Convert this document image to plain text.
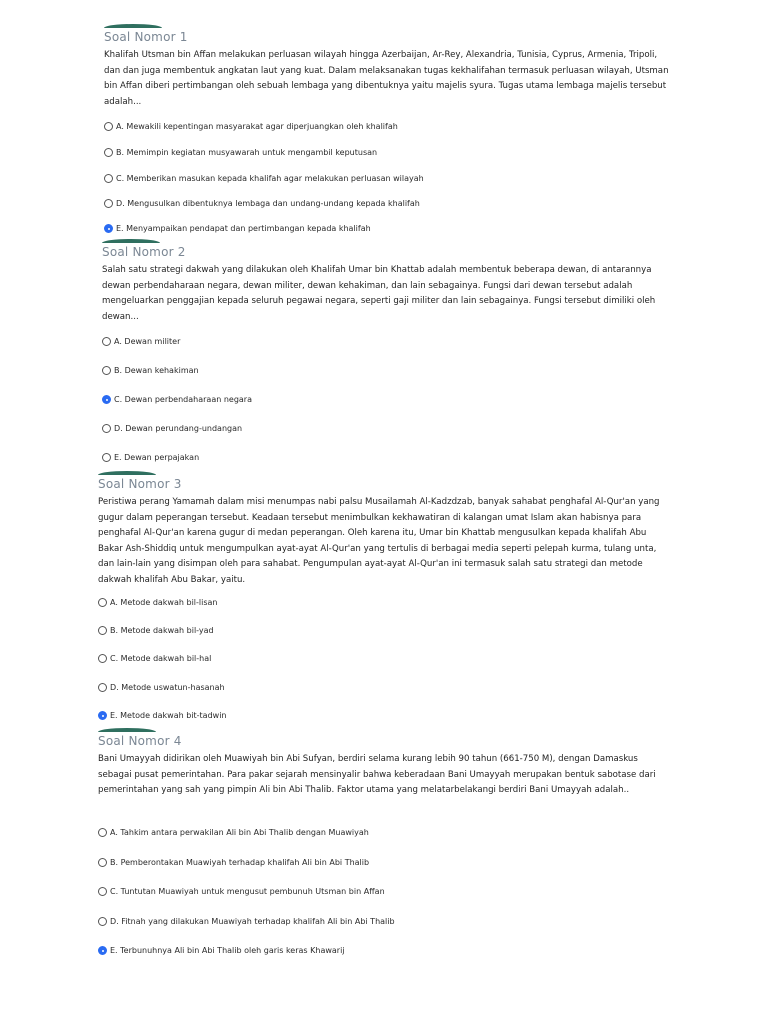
Soal Nomor 1
Khalifah Utsman bin Affan melakukan perluasan wilayah hingga Azerbaijan, Ar-Rey, Alexandria, Tunisia, Cyprus, Armenia, Tripoli, dan dan juga membentuk angkatan laut yang kuat. Dalam melaksanakan tugas kekhalifahan termasuk perluasan wilayah, Utsman bin Affan diberi pertimbangan oleh sebuah lembaga yang dibentuknya yaitu majelis syura. Tugas utama lembaga majelis tersebut adalah...
A. Mewakili kepentingan masyarakat agar diperjuangkan oleh khalifah
B. Memimpin kegiatan musyawarah untuk mengambil keputusan
C. Memberikan masukan kepada khalifah agar melakukan perluasan wilayah
D. Mengusulkan dibentuknya lembaga dan undang-undang kepada khalifah
E. Menyampaikan pendapat dan pertimbangan kepada khalifah
Soal Nomor 2
Salah satu strategi dakwah yang dilakukan oleh Khalifah Umar bin Khattab adalah membentuk beberapa dewan, di antarannya dewan perbendaharaan negara, dewan militer, dewan kehakiman, dan lain sebagainya. Fungsi dari dewan tersebut adalah mengeluarkan penggajian kepada seluruh pegawai negara, seperti gaji militer dan lain sebagainya. Fungsi tersebut dimiliki oleh dewan...
A. Dewan militer
B. Dewan kehakiman
C. Dewan perbendaharaan negara
D. Dewan perundang-undangan
E. Dewan perpajakan
Soal Nomor 3
Peristiwa perang Yamamah dalam misi menumpas nabi palsu Musailamah Al-Kadzdzab, banyak sahabat penghafal Al-Qur'an yang gugur dalam peperangan tersebut. Keadaan tersebut menimbulkan kekhawatiran di kalangan umat Islam akan habisnya para penghafal Al-Qur'an karena gugur di medan peperangan. Oleh karena itu, Umar bin Khattab mengusulkan kepada khalifah Abu Bakar Ash-Shiddiq untuk mengumpulkan ayat-ayat Al-Qur'an yang tertulis di berbagai media seperti pelepah kurma, tulang unta, dan lain-lain yang disimpan oleh para sahabat. Pengumpulan ayat-ayat Al-Qur'an ini termasuk salah satu strategi dan metode dakwah khalifah Abu Bakar, yaitu.
A. Metode dakwah bil-lisan
B. Metode dakwah bil-yad
C. Metode dakwah bil-hal
D. Metode uswatun-hasanah
E. Metode dakwah bit-tadwin
Soal Nomor 4
Bani Umayyah didirikan oleh Muawiyah bin Abi Sufyan, berdiri selama kurang lebih 90 tahun (661-750 M), dengan Damaskus sebagai pusat pemerintahan. Para pakar sejarah mensinyalir bahwa keberadaan Bani Umayyah merupakan bentuk sabotase dari pemerintahan yang sah yang pimpin Ali bin Abi Thalib. Faktor utama yang melatarbelakangi berdiri Bani Umayyah adalah..
A. Tahkim antara perwakilan Ali bin Abi Thalib dengan Muawiyah
B. Pemberontakan Muawiyah terhadap khalifah Ali bin Abi Thalib
C. Tuntutan Muawiyah untuk mengusut pembunuh Utsman bin Affan
D. Fitnah yang dilakukan Muawiyah terhadap khalifah Ali bin Abi Thalib
E. Terbunuhnya Ali bin Abi Thalib oleh garis keras Khawarij
